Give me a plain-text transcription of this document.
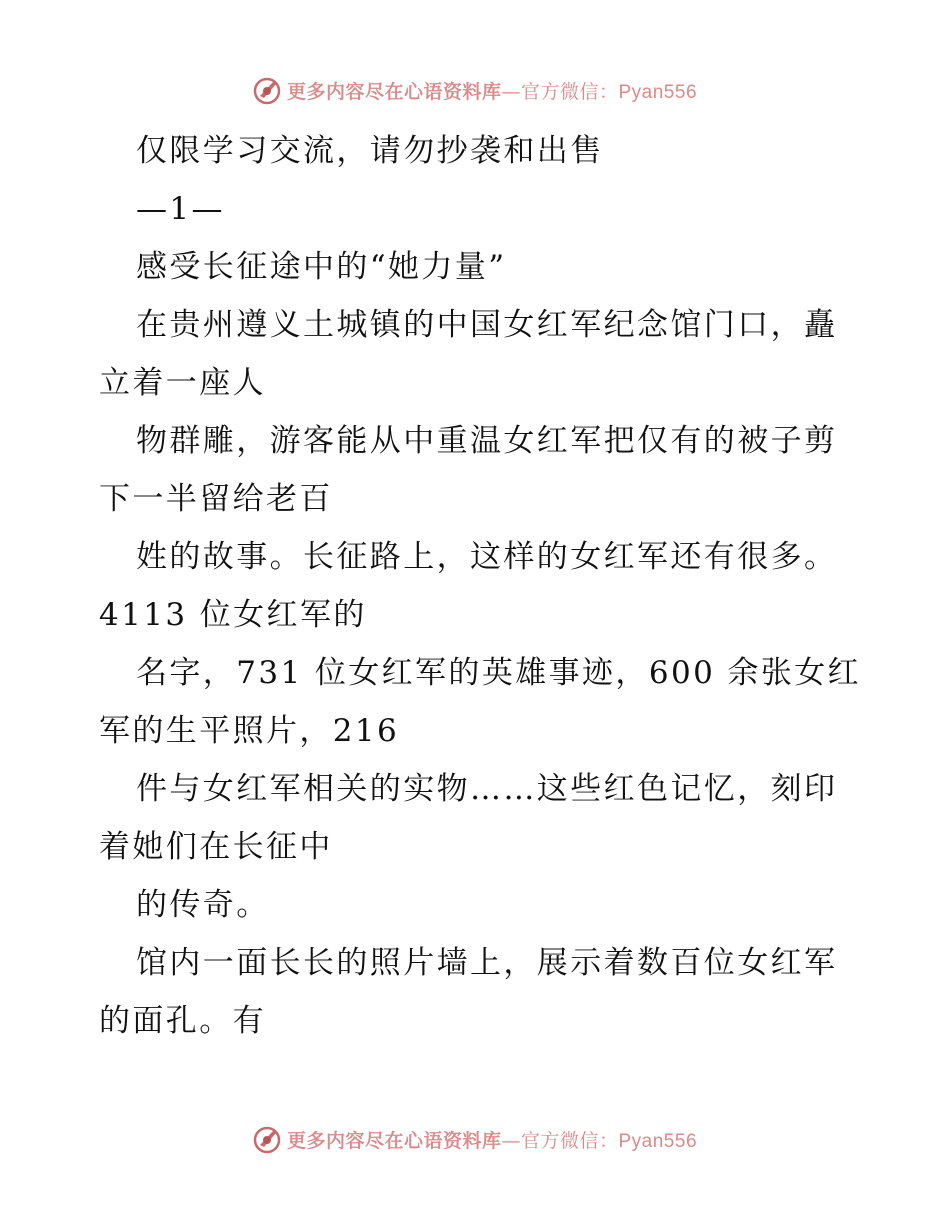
更多内容尽在心语资料库—官方微信：Pyan556
仅限学习交流，请勿抄袭和出售
—1—
感受长征途中的“她力量”
在贵州遵义土城镇的中国女红军纪念馆门口，矗
立着一座人
物群雕，游客能从中重温女红军把仅有的被子剪
下一半留给老百
姓的故事。长征路上，这样的女红军还有很多。
4113 位女红军的
名字，731 位女红军的英雄事迹，600 余张女红
军的生平照片，216
件与女红军相关的实物……这些红色记忆，刻印
着她们在长征中
的传奇。
馆内一面长长的照片墙上，展示着数百位女红军
的面孔。有
更多内容尽在心语资料库—官方微信：Pyan556
